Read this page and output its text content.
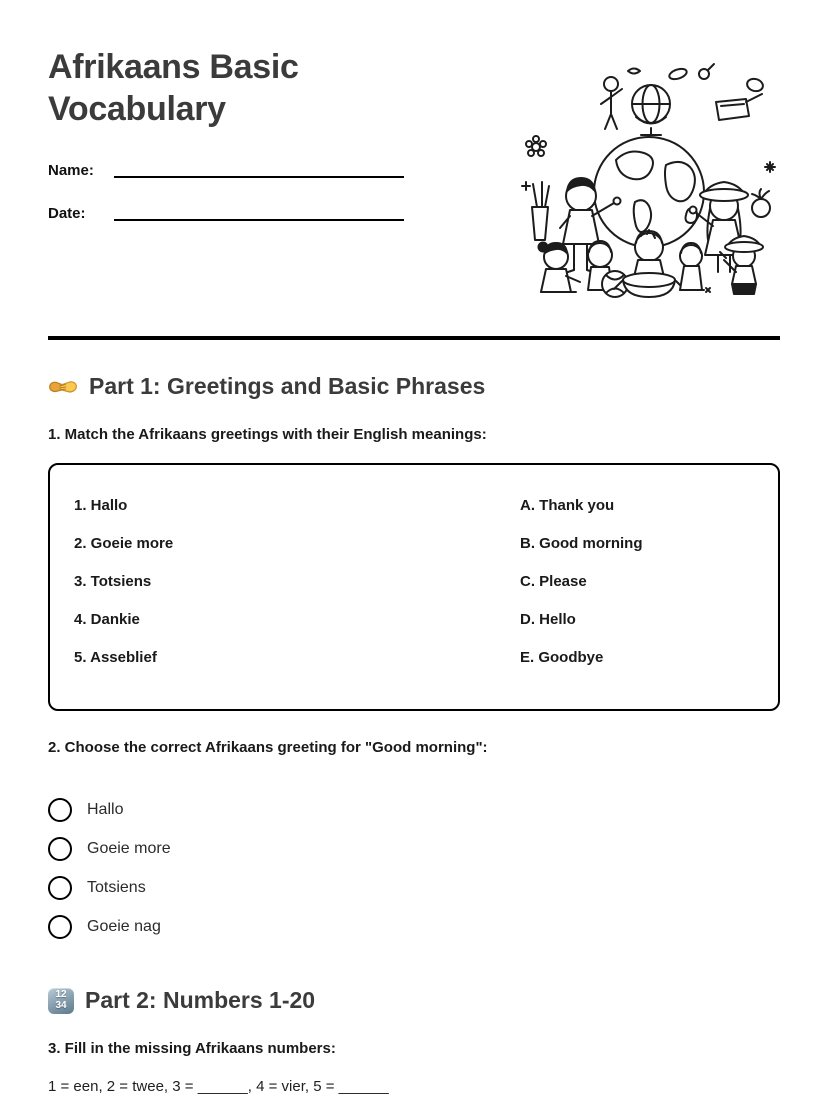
Afrikaans Basic Vocabulary
Name:
Date:
Part 1: Greetings and Basic Phrases
1. Match the Afrikaans greetings with their English meanings:
1. Hallo	A. Thank you
2. Goeie more	B. Good morning
3. Totsiens	C. Please
4. Dankie	D. Hello
5. Asseblief	E. Goodbye
2. Choose the correct Afrikaans greeting for "Good morning":
Hallo
Goeie more
Totsiens
Goeie nag
12
34 Part 2: Numbers 1-20
3. Fill in the missing Afrikaans numbers:
1 = een, 2 = twee, 3 = ______, 4 = vier, 5 = ______
